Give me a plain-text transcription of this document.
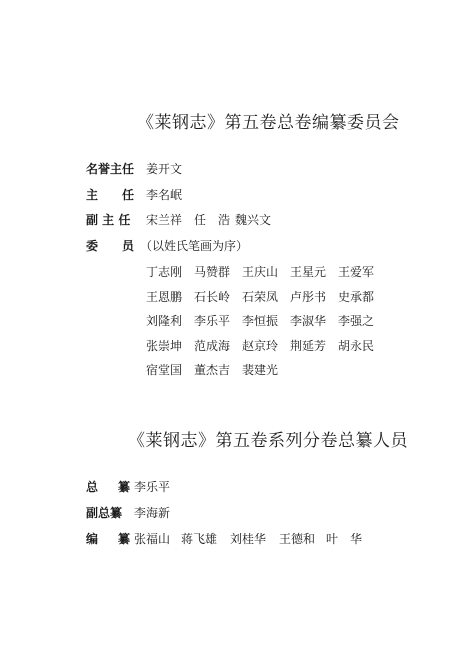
《莱钢志》第五卷总卷编纂委员会
名誉主任 姜开文
主　任 李名岷
副 主 任 宋兰祥 任　浩 魏兴文
委　员 （以姓氏笔画为序）
丁志刚 马赞群 王庆山 王星元 王爱军
王恩鹏 石长岭 石荣凤 卢彤书 史承都
刘隆利 李乐平 李恒振 李淑华 李强之
张崇坤 范成海 赵京玲 荆延芳 胡永民
宿堂国 董杰吉 裴建光
《莱钢志》第五卷系列分卷总纂人员
总　纂 李乐平
副总纂 李海新
编　纂 张福山 蒋飞雄 刘桂华 王德和 叶　华
